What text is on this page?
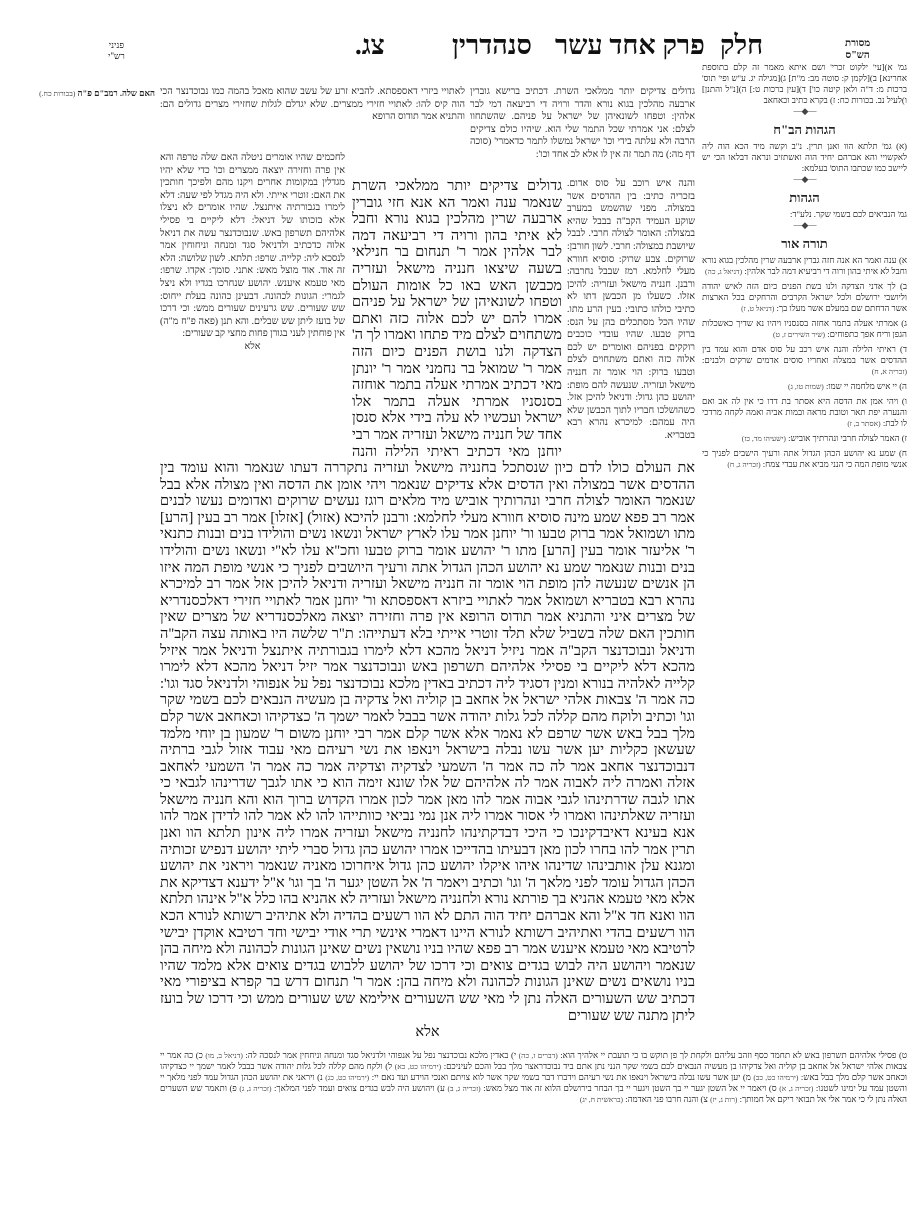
פניני
רש"י	צג. סנהדרין פרק אחד עשר חלק	מסורת
הש"ס
האם שלה. רמב"ם פ"ה (בכורות כח.)	לאתויי ביזרי דאספסתא. להביא זרע של עשב שהוא מאכל בהמה כמו נבוכדנצר הכי הוה קיס להו: לאתויי חזירי ממצרים. שלא יגדלם לגלות שחזירי מצרים גדולים הם: והתניא אמר תודוס הרופא
לחכמים שהיו אומרים ניטלה האם שלה טרפה והא אין פרה וחזירה יוצאה ממצרים וכו' כדי שלא יהיו מגדלין במקומות אחרים ויקנו מהם ולפיכך חותכין את האם: זוטרי אייתי. ולא היה מגדל לפי שעה: דלא לימרו בגבורתיה איתנצל. שהיו אומרים לא ניצלו אלא בזכותו של דניאל: דלא ליקיים בי פסילי אלהיהם תשרפון באש. שנבוכדנצר עשה את דניאל אלוה כדכתיב ולדניאל סגד ומנחה וניחוחין אמר לנסכא ליה: קלייה. שרפו: תלתא. לשון שלושה: הלא זה אוד. אוד מוצל מאש: אתני. סומך: אקדו. שרפו: מאי טעמא איענש. יהושע שנחרכו בגדיו ולא ניצל לגמרי: הגונות לכהונה. דבעינן כהונה בעלת ייחוס: שש שעורים. שש גרעינים שעורים ממש: וכי דרכו של בועז ליתן שש שבלים. והא תנן (פאה פ"ח מ"ה) אין פוחתין לעני בגורן פחות מחצי קב שעורים:
אלא
גדולים צדיקים יותר ממלאכי השרת. דכתיב ברישא גוברין ארבעה מהלכין בגוא נורא והדר ורויה די רביעאה דמי לבר אלהין: וטפחו לשונאיהן של ישראל על פניהם. שהשתחוו לצלם: אני אמרתי שכל התמר שלי הוא. שיהיו כולם צדיקים הרבה ולא עלתה בידי וכו' ישראל נמשלו לתמר כדאמרי' (סוכה דף מה:) מה תמר זה אין לו אלא לב אחד וכו':
והנה איש רוכב על סוס אדום. בזכריה כתיב: בין ההדסים אשר במצולה. מפני שהשמש במערב שוקע העמיד הקב"ה בבבל שהיא במצולה: האומר לצולה חרבי. לבבל שיושבת במצולה: חרבי. לשון חורבן: שרוקים. צבע שרוק: סוסיא חוורא מעלי לחלמא. רמז שבבל נחרבה: ורבנן. חנניה מישאל ועזריה: להיכן אזלו. כשעלו מן הכבשן דתו לא כתיבי כולהו כתובי: בעין הרע מתו. שהיו הכל מסתכלים בהן על הנס: ברוק טבעו. שהיו עובדי כוכבים רוקקים בפניהם ואומרים יש לכם אלוה כזה ואתם משתחוים לצלם וטבעו ברוק: הוי אומר זה חנניה מישאל ועזריה. שנעשה להם מופת: יהושע כהן גדול: ודניאל להיכן אזל. כשהושלכו חבריו לתוך הכבשן שלא היה עמהם: למיכרא נהרא רבא בטבריא.
גדולים צדיקים יותר ממלאכי השרת שנאמר ענה ואמר הא אנא חזי גוברין ארבעה שרין מהלכין בגוא נורא וחבל לא איתי בהון ורויה די רביעאה דמה לבר אלהין אמר ר' תנחום בר חנילאי בשעה שיצאו חנניה מישאל ועזריה מכבשן האש באו כל אומות העולם וטפחו לשונאיהן של ישראל על פניהם אמרו להם יש לכם אלוה כזה ואתם משתחוים לצלם מיד פתחו ואמרו לך ה' הצדקה ולנו בושת הפנים כיום הזה אמר ר' שמואל בר נחמני אמר ר' יונתן מאי דכתיב אמרתי אעלה בתמר אוחזה בסנסניו אמרתי אעלה בתמר אלו ישראל ועכשיו לא עלה בידי אלא סנסן אחד של חנניה מישאל ועזריה אמר רבי יוחנן מאי דכתיב ראיתי הלילה והנה
את העולם כולו לדם כיון שנסתכל בחנניה מישאל ועזריה נתקררה דעתו שנאמר והוא עומד בין ההדסים אשר במצולה ואין הדסים אלא צדיקים שנאמר ויהי אומן את הדסה ואין מצולה אלא בבל שנאמר האומר לצולה חרבי ונהרותיך אוביש מיד מלאים רוגז נעשים שרוקים ואדומים נעשו לבנים אמר רב פפא שמע מינה סוסיא חוורא מעלי לחלמא: ורבנן להיכא (אזול) [אזלו] אמר רב בעין [הרע] מתו ושמואל אמר ברוק טבעו ור' יוחנן אמר עלו לארץ ישראל ונשאו נשים והולידו בנים ובנות כתנאי ר' אליעזר אומר בעין [הרע] מתו ר' יהושע אומר ברוק טבעו וחכ"א עלו לא"י ונשאו נשים והולידו בנים ובנות שנאמר שמע נא יהושע הכהן הגדול אתה ורעיך היושבים לפניך כי אנשי מופת המה איזו הן אנשים שנעשה להן מופת הוי אומר זה חנניה מישאל ועזריה ודניאל להיכן אזל אמר רב למיכרא נהרא רבא בטבריא ושמואל אמר לאתויי ביזרא דאספסתא ור' יוחנן אמר לאתויי חזירי דאלכסנדריא של מצרים איני והתניא אמר תודוס הרופא אין פרה וחזירה יוצאה מאלכסנדריא של מצרים שאין חותכין האם שלה בשביל שלא תלד זוטרי אייתי בלא דעתייהו: ת"ר שלשה היו באותה עצה הקב"ה ודניאל ונבוכדנצר הקב"ה אמר ניזיל דניאל מהכא דלא לימרו בגבורתיה איתנצל ודניאל אמר איזיל מהכא דלא ליקיים בי פסילי אלהיהם תשרפון באש ונבוכדנצר אמר יזיל דניאל מהכא דלא לימרו קלייה לאלהיה בנורא ומנין דסגיד ליה דכתיב באדין מלכא נבוכדנצר נפל על אנפוהי ולדניאל סגד וגו': כה אמר ה' צבאות אלהי ישראל אל אחאב בן קוליה ואל צדקיה בן מעשיה הנבאים לכם בשמי שקר וגו' וכתיב ולוקח מהם קללה לכל גלות יהודה אשר בבבל לאמר ישמך ה' כצדקיהו וכאחאב אשר קלם מלך בבל באש אשר שרפם לא נאמר אלא אשר קלם אמר רבי יוחנן משום ר' שמעון בן יוחי מלמד שעשאן כקליות יען אשר עשו נבלה בישראל וינאפו את נשי רעיהם מאי עבוד אזול לגבי ברתיה דנבוכדנצר אחאב אמר לה כה אמר ה' השמעי לצדקיה וצדקיה אמר כה אמר ה' השמעי לאחאב אזלה ואמרה ליה לאבוה אמר לה אלהיהם של אלו שונא זימה הוא כי אתו לגבך שדרינהו לגבאי כי אתו לגבה שדרתינהו לגבי אבוה אמר להו מאן אמר לכון אמרו הקדוש ברוך הוא והא חנניה מישאל ועזריה שאלתינהו ואמרו לי אסור אמרו ליה אנן נמי נביאי כוותייהו להו לא אמר להו לדידן אמר להו אנא בעינא דאיבדקינכו כי היכי דבדקתינהו לחנניה מישאל ועזריה אמרו ליה אינון תלתא הוו ואנן תרין אמר להו בחרו לכון מאן דבעיתו בהדייכו אמרו יהושע כהן גדול סברי ליתי יהושע דנפיש זכותיה ומגנא עלן אותבינהו שדינהו איהו איקלו יהושע כהן גדול איחרוכו מאניה שנאמר ויראני את יהושע הכהן הגדול עומד לפני מלאך ה' וגו' וכתיב ויאמר ה' אל השטן יגער ה' בך וגו' א"ל ידענא דצדיקא את אלא מאי טעמא אהניא בך פורתא נורא ולחנניה מישאל ועזריה לא אהניא בהו כלל א"ל אינהו תלתא הוו ואנא חד א"ל והא אברהם יחיד הוה התם לא הוו רשעים בהדיה ולא אתיהיב רשותא לנורא הכא הוו רשעים בהדי ואתיהיב רשותא לנורא היינו דאמרי אינשי תרי אודי יבישי וחד רטיבא אוקדן יבישי לרטיבא מאי טעמא איענש אמר רב פפא שהיו בניו נושאין נשים שאינן הגונות לכהונה ולא מיחה בהן שנאמר ויהושע היה לבוש בגדים צואים וכי דרכו של יהושע ללבוש בגדים צואים אלא מלמד שהיו בניו נושאים נשים שאינן הגונות לכהונה ולא מיחה בהן: אמר ר' תנחום דרש בר קפרא בציפורי מאי דכתיב שש השעורים האלה נתן לי מאי שש השעורים אילימא שש שעורים ממש וכי דרכו של בועז ליתן מתנה שש שעורים
אלא
גמ' א)[עי' ילקוט זכרי' ושם איתא מאמר זה קלם בתוספת אחרינא] ב)[לקמן ק: סוטה מב: מ"ת] ג)[מגילה יג. ע"ש ופי' תוס' ברכות מ: ד"ה ולאן קיטה כו'] ד)[עין ברכות ט:] ה)[נ"ל והתנן] ו)לעיל נב. בכורות כח: ז) בקרא כתיב וכאחאב
—◆—
הגהות הב"ח
(א) גמ' תלתא הוו ואנן תרין. נ"ב וקשה מיד הכא הוה ליה לאקשויי והא אברהם יחיד הוה ואשתזיב ונראה דבלאו הכי יש ליישב כמו שכתבו התוס' בעלמא:
—◆—
הגהות
גמ' הנביאים לכם בשמי שקר. נלע"ד:
—◆—
תורה אור
א) ענה ואמר הא אנה חזה גברין ארבעה שרין מהלכין בגוא נורא וחבל לא איתי בהון ורוה די רביעיא דמה לבר אלהין: (דניאל ג, כה)
ב) לך אדני הצדקה ולנו בשת הפנים כיום הזה לאיש יהודה וליושבי ירושלם ולכל ישראל הקרבים והרחקים בכל הארצות אשר הדחתם שם במעלם אשר מעלו בך: (דניאל ט, ז)
ג) אמרתי אעלה בתמר אחזה בסנסניו ויהיו נא שדיך כאשכלות הגפן וריח אפך כתפוחים: (שיר השירים ז, ט)
ד) ראיתי הלילה והנה איש רכב על סוס אדם והוא עמד בין ההדסים אשר במצלה ואחריו סוסים אדמים שרקים ולבנים: (זכריה א, ח)
ה) יי איש מלחמה יי שמו: (שמות טו, ג)
ו) ויהי אמן את הדסה היא אסתר בת דדו כי אין לה אב ואם והנערה יפת תאר וטובת מראה ובמות אביה ואמה לקחה מרדכי לו לבת: (אסתר ב, ז)
ז) האמר לצולה חרבי ונהרתיך אוביש: (ישעיהו מד, כז)
ח) שמע נא יהושע הכהן הגדול אתה ורעיך הישבים לפניך כי אנשי מופת המה כי הנני מביא את עבדי צמח: (זכריה ג, ח)
ט) פסילי אלהיהם תשרפון באש לא תחמד כסף וזהב עליהם ולקחת לך פן תוקש בו כי תועבת יי אלהיך הוא: (דברים ז, כה) י) באדין מלכא נבוכדנצר נפל על אנפוהי ולדניאל סגד ומנחה וניחחין אמר לנסכה לה: (דניאל ב, מו) כ) כה אמר יי צבאות אלהי ישראל אל אחאב בן קוליה ואל צדקיהו בן מעשיה הנבאים לכם בשמי שקר הנני נתן אתם ביד נבוכדראצר מלך בבל והכם לעיניכם: (ירמיהו כט, כא) ל) ולקח מהם קללה לכל גלות יהודה אשר בבבל לאמר ישמך יי כצדקיהו וכאחב אשר קלם מלך בבל באש: (ירמיהו כט, כב) מ) יען אשר עשו נבלה בישראל וינאפו את נשי רעיהם וידברו דבר בשמי שקר אשר לוא צויתם ואנכי הוידע ועד נאם יי: (ירמיהו כט, כג) נ) ויראני את יהושע הכהן הגדול עמד לפני מלאך יי והשטן עמד על ימינו לשטנו: (זכריה ג, א) ס) ויאמר יי אל השטן יגער יי בך השטן ויגער יי בך הבחר בירושלם הלוא זה אוד מצל מאש: (זכריה ג, ב) ע) ויהושע היה לבש בגדים צואים ועמד לפני המלאך: (זכריה ג, ג) פ) ותאמר שש השערים האלה נתן לי כי אמר אלי אל תבואי ריקם אל חמותך: (רות ג, יז) צ) והנה חרבו פני האדמה: (בראשית ח, יג)
